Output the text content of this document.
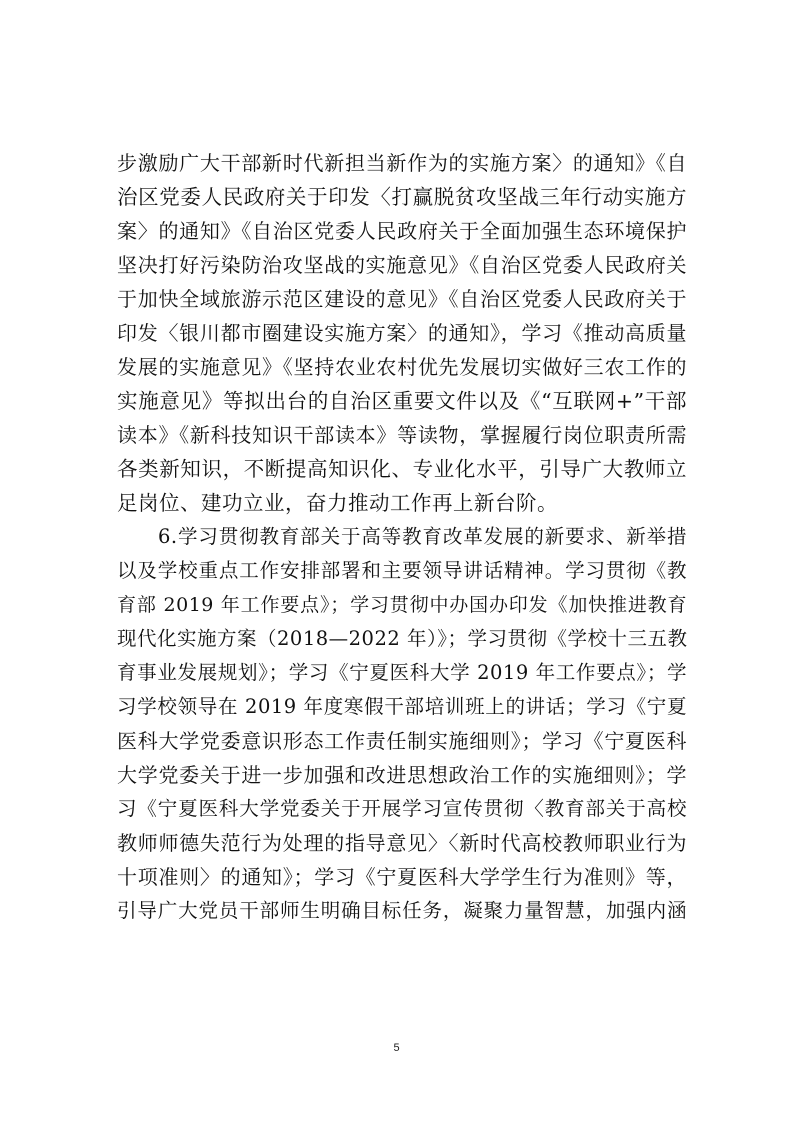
步激励广大干部新时代新担当新作为的实施方案〉的通知》《自
治区党委人民政府关于印发〈打赢脱贫攻坚战三年行动实施方
案〉的通知》《自治区党委人民政府关于全面加强生态环境保护
坚决打好污染防治攻坚战的实施意见》《自治区党委人民政府关
于加快全域旅游示范区建设的意见》《自治区党委人民政府关于
印发〈银川都市圈建设实施方案〉的通知》，学习《推动高质量
发展的实施意见》《坚持农业农村优先发展切实做好三农工作的
实施意见》等拟出台的自治区重要文件以及《“互联网+”干部
读本》《新科技知识干部读本》等读物，掌握履行岗位职责所需
各类新知识，不断提高知识化、专业化水平，引导广大教师立
足岗位、建功立业，奋力推动工作再上新台阶。
6.学习贯彻教育部关于高等教育改革发展的新要求、新举措
以及学校重点工作安排部署和主要领导讲话精神。学习贯彻《教
育部 2019 年工作要点》；学习贯彻中办国办印发《加快推进教育
现代化实施方案（2018—2022 年）》；学习贯彻《学校十三五教
育事业发展规划》；学习《宁夏医科大学 2019 年工作要点》；学
习学校领导在 2019 年度寒假干部培训班上的讲话；学习《宁夏
医科大学党委意识形态工作责任制实施细则》；学习《宁夏医科
大学党委关于进一步加强和改进思想政治工作的实施细则》；学
习《宁夏医科大学党委关于开展学习宣传贯彻〈教育部关于高校
教师师德失范行为处理的指导意见〉〈新时代高校教师职业行为
十项准则〉的通知》；学习《宁夏医科大学学生行为准则》等，
引导广大党员干部师生明确目标任务，凝聚力量智慧，加强内涵
5
